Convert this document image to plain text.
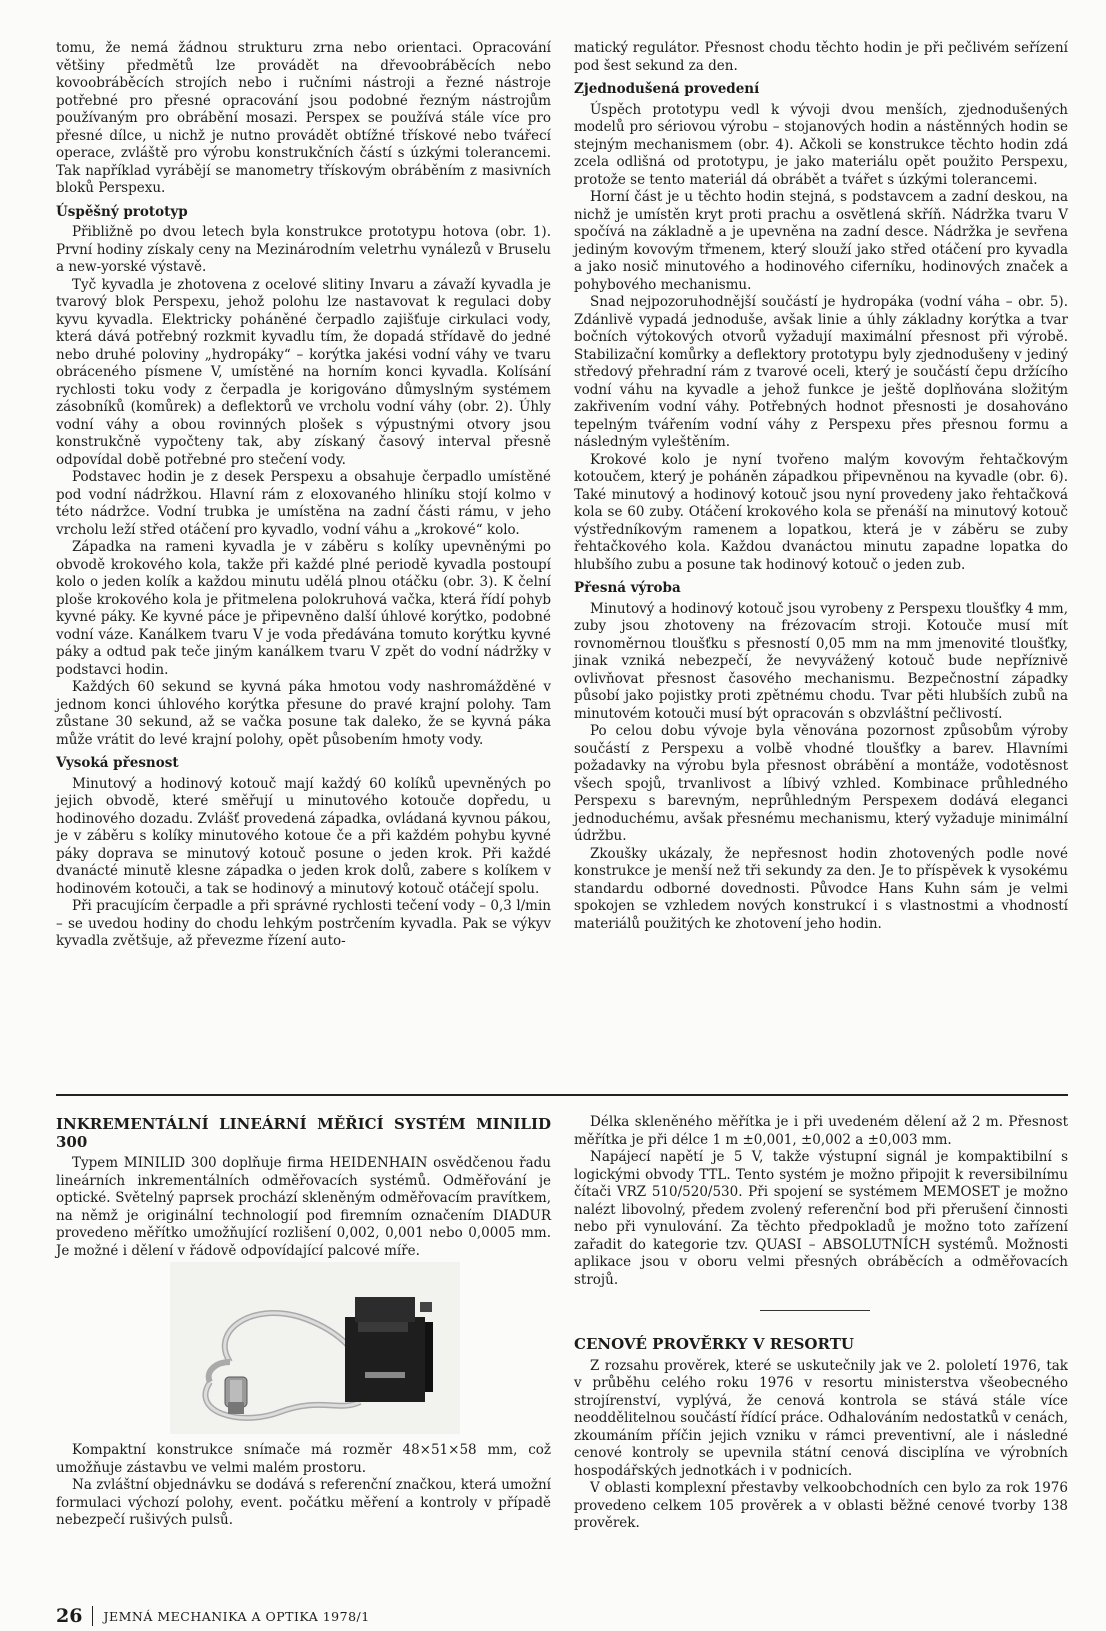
tomu, že nemá žádnou strukturu zrna nebo orientaci. Opracování většiny předmětů lze provádět na dřevoobráběcích nebo kovoobráběcích strojích nebo i ručními nástroji a řezné nástroje potřebné pro přesné opracování jsou podobné řezným nástrojům používaným pro obrábění mosazi. Perspex se používá stále více pro přesné dílce, u nichž je nutno provádět obtížné třískové nebo tvářecí operace, zvláště pro výrobu konstrukčních částí s úzkými tolerancemi. Tak například vyrábějí se manometry třískovým obráběním z masivních bloků Perspexu.

Úspěšný prototyp

Přibližně po dvou letech byla konstrukce prototypu hotova (obr. 1). První hodiny získaly ceny na Mezinárodním veletrhu vynálezů v Bruselu a new-yorské výstavě.

Tyč kyvadla je zhotovena z ocelové slitiny Invaru a závaží kyvadla je tvarový blok Perspexu, jehož polohu lze nastavovat k regulaci doby kyvu kyvadla. Elektricky poháněné čerpadlo zajišťuje cirkulaci vody, která dává potřebný rozkmit kyvadlu tím, že dopadá střídavě do jedné nebo druhé poloviny „hydropáky“ – korýtka jakési vodní váhy ve tvaru obráceného písmene V, umístěné na horním konci kyvadla. Kolísání rychlosti toku vody z čerpadla je korigováno důmyslným systémem zásobníků (komůrek) a deflektorů ve vrcholu vodní váhy (obr. 2). Úhly vodní váhy a obou rovinných plošek s výpustnými otvory jsou konstrukčně vypočteny tak, aby získaný časový interval přesně odpovídal době potřebné pro stečení vody.

Podstavec hodin je z desek Perspexu a obsahuje čerpadlo umístěné pod vodní nádržkou. Hlavní rám z eloxovaného hliníku stojí kolmo v této nádržce. Vodní trubka je umístěna na zadní části rámu, v jeho vrcholu leží střed otáčení pro kyvadlo, vodní váhu a „krokové“ kolo.

Západka na rameni kyvadla je v záběru s kolíky upevněnými po obvodě krokového kola, takže při každé plné periodě kyvadla postoupí kolo o jeden kolík a každou minutu udělá plnou otáčku (obr. 3). K čelní ploše krokového kola je přitmelena polokruhová vačka, která řídí pohyb kyvné páky. Ke kyvné páce je připevněno další úhlové korýtko, podobné vodní váze. Kanálkem tvaru V je voda předávána tomuto korýtku kyvné páky a odtud pak teče jiným kanálkem tvaru V zpět do vodní nádržky v podstavci hodin.

Každých 60 sekund se kyvná páka hmotou vody nashromážděné v jednom konci úhlového korýtka přesune do pravé krajní polohy. Tam zůstane 30 sekund, až se vačka posune tak daleko, že se kyvná páka může vrátit do levé krajní polohy, opět působením hmoty vody.

Vysoká přesnost

Minutový a hodinový kotouč mají každý 60 kolíků upevněných po jejich obvodě, které směřují u minutového kotouče dopředu, u hodinového dozadu. Zvlášť provedená západka, ovládaná kyvnou pákou, je v záběru s kolíky minutového kotoue če a při každém pohybu kyvné páky doprava se minutový kotouč posune o jeden krok. Při každé dvanácté minutě klesne západka o jeden krok dolů, zabere s kolíkem v hodinovém kotouči, a tak se hodinový a minutový kotouč otáčejí spolu.

Při pracujícím čerpadle a při správné rychlosti tečení vody – 0,3 l/min – se uvedou hodiny do chodu lehkým postrčením kyvadla. Pak se výkyv kyvadla zvětšuje, až převezme řízení auto-

matický regulátor. Přesnost chodu těchto hodin je při pečlivém seřízení pod šest sekund za den.

Zjednodušená provedení

Úspěch prototypu vedl k vývoji dvou menších, zjednodušených modelů pro sériovou výrobu – stojanových hodin a nástěnných hodin se stejným mechanismem (obr. 4). Ačkoli se konstrukce těchto hodin zdá zcela odlišná od prototypu, je jako materiálu opět použito Perspexu, protože se tento materiál dá obrábět a tvářet s úzkými tolerancemi.

Horní část je u těchto hodin stejná, s podstavcem a zadní deskou, na nichž je umístěn kryt proti prachu a osvětlená skříň. Nádržka tvaru V spočívá na základně a je upevněna na zadní desce. Nádržka je sevřena jediným kovovým třmenem, který slouží jako střed otáčení pro kyvadla a jako nosič minutového a hodinového ciferníku, hodinových značek a pohybového mechanismu.

Snad nejpozoruhodnější součástí je hydropáka (vodní váha – obr. 5). Zdánlivě vypadá jednoduše, avšak linie a úhly základny korýtka a tvar bočních výtokových otvorů vyžadují maximální přesnost při výrobě. Stabilizační komůrky a deflektory prototypu byly zjednodušeny v jediný středový přehradní rám z tvarové oceli, který je součástí čepu držícího vodní váhu na kyvadle a jehož funkce je ještě doplňována složitým zakřivením vodní váhy. Potřebných hodnot přesnosti je dosahováno tepelným tvářením vodní váhy z Perspexu přes přesnou formu a následným vyleštěním.

Krokové kolo je nyní tvořeno malým kovovým řehtačkovým kotoučem, který je poháněn západkou připevněnou na kyvadle (obr. 6). Také minutový a hodinový kotouč jsou nyní provedeny jako řehtačková kola se 60 zuby. Otáčení krokového kola se přenáší na minutový kotouč výstředníkovým ramenem a lopatkou, která je v záběru se zuby řehtačkového kola. Každou dvanáctou minutu zapadne lopatka do hlubšího zubu a posune tak hodinový kotouč o jeden zub.

Přesná výroba

Minutový a hodinový kotouč jsou vyrobeny z Perspexu tloušťky 4 mm, zuby jsou zhotoveny na frézovacím stroji. Kotouče musí mít rovnoměrnou tloušťku s přesností 0,05 mm na mm jmenovité tloušťky, jinak vzniká nebezpečí, že nevyvážený kotouč bude nepříznivě ovlivňovat přesnost časového mechanismu. Bezpečnostní západky působí jako pojistky proti zpětnému chodu. Tvar pěti hlubších zubů na minutovém kotouči musí být opracován s obzvláštní pečlivostí.

Po celou dobu vývoje byla věnována pozornost způsobům výroby součástí z Perspexu a volbě vhodné tloušťky a barev. Hlavními požadavky na výrobu byla přesnost obrábění a montáže, vodotěsnost všech spojů, trvanlivost a líbivý vzhled. Kombinace průhledného Perspexu s barevným, neprůhledným Perspexem dodává eleganci jednoduchému, avšak přesnému mechanismu, který vyžaduje minimální údržbu.

Zkoušky ukázaly, že nepřesnost hodin zhotovených podle nové konstrukce je menší než tři sekundy za den. Je to příspěvek k vysokému standardu odborné dovednosti. Původce Hans Kuhn sám je velmi spokojen se vzhledem nových konstrukcí i s vlastnostmi a vhodností materiálů použitých ke zhotovení jeho hodin.

INKREMENTÁLNÍ LINEÁRNÍ MĚŘICÍ SYSTÉM MINILID 300

Typem MINILID 300 doplňuje firma HEIDENHAIN osvědčenou řadu lineárních inkrementálních odměřovacích systémů. Odměřování je optické. Světelný paprsek prochází skleněným odměřovacím pravítkem, na němž je originální technologií pod firemním označením DIADUR provedeno měřítko umožňující rozlišení 0,002, 0,001 nebo 0,0005 mm. Je možné i dělení v řádově odpovídající palcové míře.

Kompaktní konstrukce snímače má rozměr 48×51×58 mm, což umožňuje zástavbu ve velmi malém prostoru.

Na zvláštní objednávku se dodává s referenční značkou, která umožní formulaci výchozí polohy, event. počátku měření a kontroly v případě nebezpečí rušivých pulsů.

Délka skleněného měřítka je i při uvedeném dělení až 2 m. Přesnost měřítka je při délce 1 m ±0,001, ±0,002 a ±0,003 mm.

Napájecí napětí je 5 V, takže výstupní signál je kompaktibilní s logickými obvody TTL. Tento systém je možno připojit k reversibilnímu čítači VRZ 510/520/530. Při spojení se systémem MEMOSET je možno nalézt libovolný, předem zvolený referenční bod při přerušení činnosti nebo při vynulování. Za těchto předpokladů je možno toto zařízení zařadit do kategorie tzv. QUASI – ABSOLUTNÍCH systémů. Možnosti aplikace jsou v oboru velmi přesných obráběcích a odměřovacích strojů.

CENOVÉ PROVĚRKY V RESORTU

Z rozsahu prověrek, které se uskutečnily jak ve 2. pololetí 1976, tak v průběhu celého roku 1976 v resortu ministerstva všeobecného strojírenství, vyplývá, že cenová kontrola se stává stále více neoddělitelnou součástí řídící práce. Odhalováním nedostatků v cenách, zkoumáním příčin jejich vzniku v rámci preventivní, ale i následné cenové kontroly se upevnila státní cenová disciplína ve výrobních hospodářských jednotkách i v podnicích.

V oblasti komplexní přestavby velkoobchodních cen bylo za rok 1976 provedeno celkem 105 prověrek a v oblasti běžné cenové tvorby 138 prověrek.

26 JEMNÁ MECHANIKA A OPTIKA 1978/1
